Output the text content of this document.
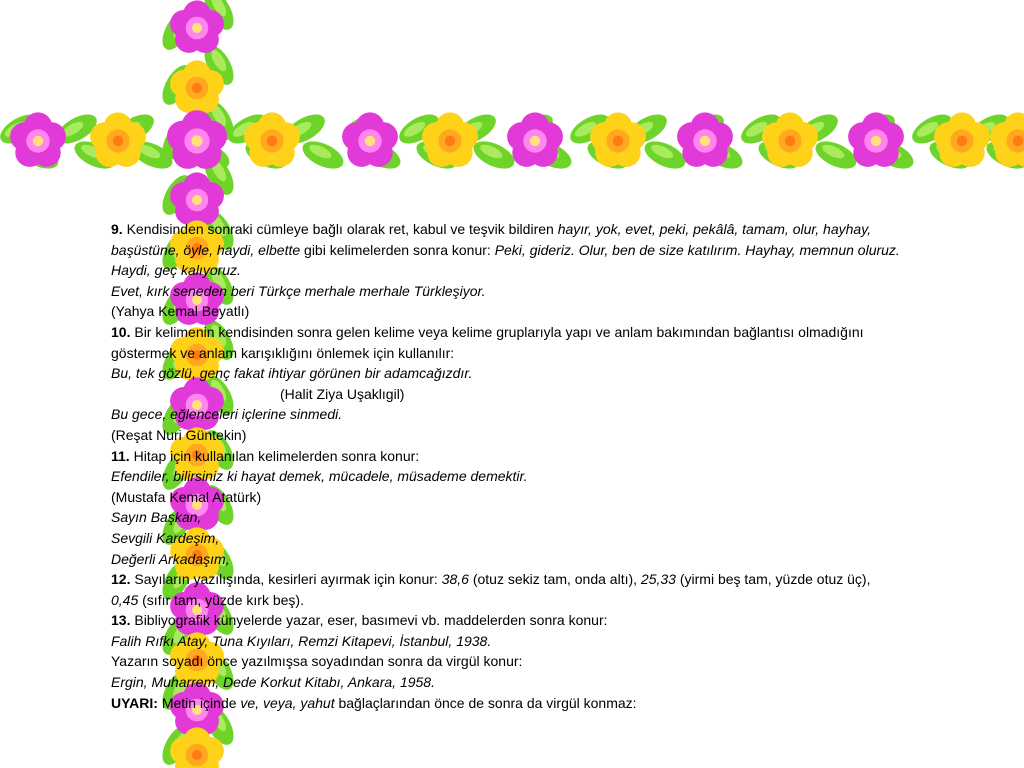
9. Kendisinden sonraki cümleye bağlı olarak ret, kabul ve teşvik bildiren hayır, yok, evet, peki, pekâlâ, tamam, olur, hayhay,
başüstüne, öyle, haydi, elbette gibi kelimelerden sonra konur: Peki, gideriz. Olur, ben de size katılırım. Hayhay, memnun oluruz.
Haydi, geç kalıyoruz.
Evet, kırk seneden beri Türkçe merhale merhale Türkleşiyor.
(Yahya Kemal Beyatlı)
10. Bir kelimenin kendisinden sonra gelen kelime veya kelime gruplarıyla yapı ve anlam bakımından bağlantısı olmadığını
göstermek ve anlam karışıklığını önlemek için kullanılır:
Bu, tek gözlü, genç fakat ihtiyar görünen bir adamcağızdır.
(Halit Ziya Uşaklıgil)
Bu gece, eğlenceleri içlerine sinmedi.
(Reşat Nuri Güntekin)
11. Hitap için kullanılan kelimelerden sonra konur:
Efendiler, bilirsiniz ki hayat demek, mücadele, müsademe demektir.
(Mustafa Kemal Atatürk)
Sayın Başkan,
Sevgili Kardeşim,
Değerli Arkadaşım,
12. Sayıların yazılışında, kesirleri ayırmak için konur: 38,6 (otuz sekiz tam, onda altı), 25,33 (yirmi beş tam, yüzde otuz üç),
0,45 (sıfır tam, yüzde kırk beş).
13. Bibliyografik künyelerde yazar, eser, basımevi vb. maddelerden sonra konur:
Falih Rıfkı Atay, Tuna Kıyıları, Remzi Kitapevi, İstanbul, 1938.
Yazarın soyadı önce yazılmışsa soyadından sonra da virgül konur:
Ergin, Muharrem, Dede Korkut Kitabı, Ankara, 1958.
UYARI: Metin içinde ve, veya, yahut bağlaçlarından önce de sonra da virgül konmaz:
